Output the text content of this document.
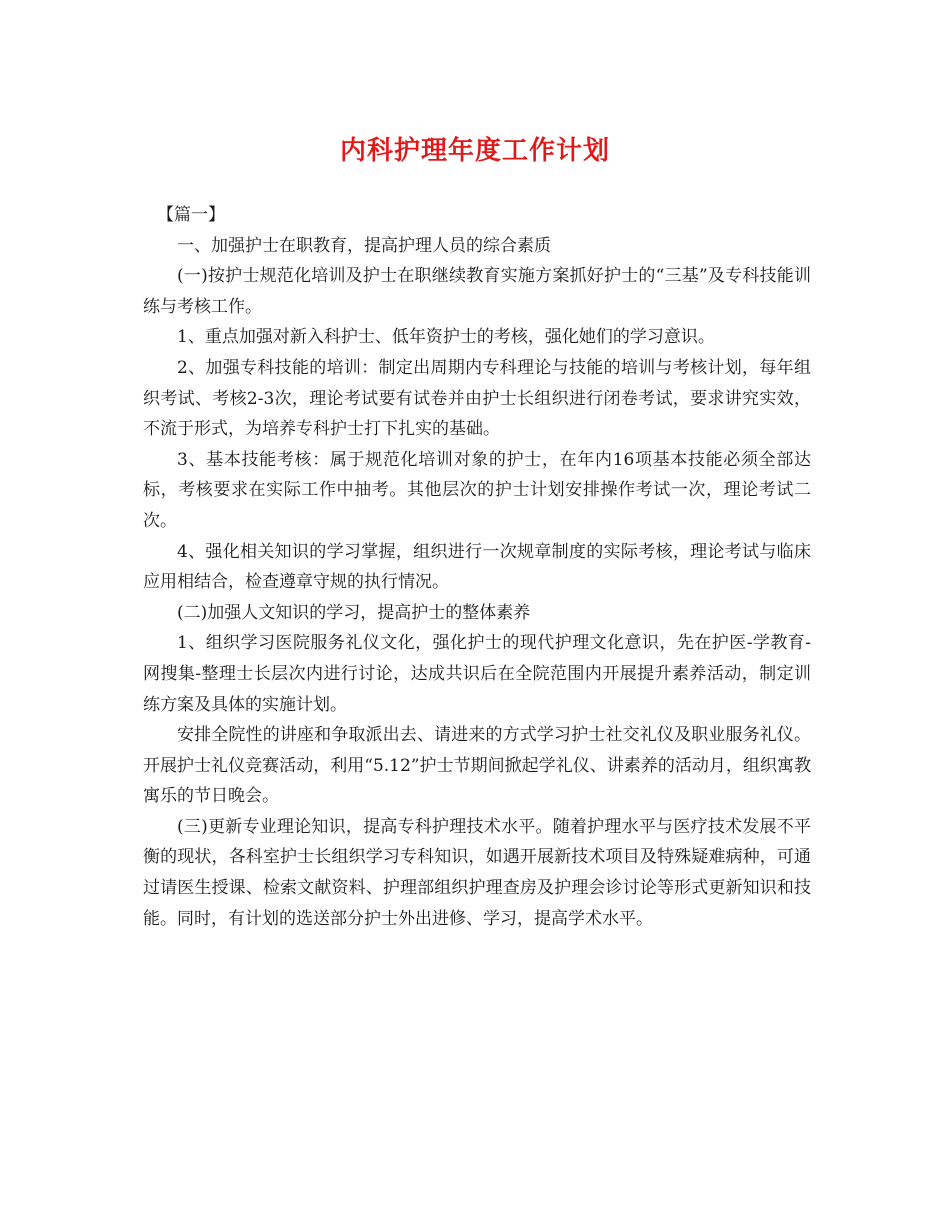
内科护理年度工作计划

【篇一】

一、加强护士在职教育，提高护理人员的综合素质

(一)按护士规范化培训及护士在职继续教育实施方案抓好护士的“三基”及专科技能训练与考核工作。

1、重点加强对新入科护士、低年资护士的考核，强化她们的学习意识。

2、加强专科技能的培训：制定出周期内专科理论与技能的培训与考核计划，每年组织考试、考核2-3次，理论考试要有试卷并由护士长组织进行闭卷考试，要求讲究实效，不流于形式，为培养专科护士打下扎实的基础。

3、基本技能考核：属于规范化培训对象的护士，在年内16项基本技能必须全部达标，考核要求在实际工作中抽考。其他层次的护士计划安排操作考试一次，理论考试二次。

4、强化相关知识的学习掌握，组织进行一次规章制度的实际考核，理论考试与临床应用相结合，检查遵章守规的执行情况。

(二)加强人文知识的学习，提高护士的整体素养

1、组织学习医院服务礼仪文化，强化护士的现代护理文化意识，先在护医-学教育-网搜集-整理士长层次内进行讨论，达成共识后在全院范围内开展提升素养活动，制定训练方案及具体的实施计划。

安排全院性的讲座和争取派出去、请进来的方式学习护士社交礼仪及职业服务礼仪。开展护士礼仪竞赛活动，利用“5.12”护士节期间掀起学礼仪、讲素养的活动月，组织寓教寓乐的节日晚会。

(三)更新专业理论知识，提高专科护理技术水平。随着护理水平与医疗技术发展不平衡的现状，各科室护士长组织学习专科知识，如遇开展新技术项目及特殊疑难病种，可通过请医生授课、检索文献资料、护理部组织护理查房及护理会诊讨论等形式更新知识和技能。同时，有计划的选送部分护士外出进修、学习，提高学术水平。
